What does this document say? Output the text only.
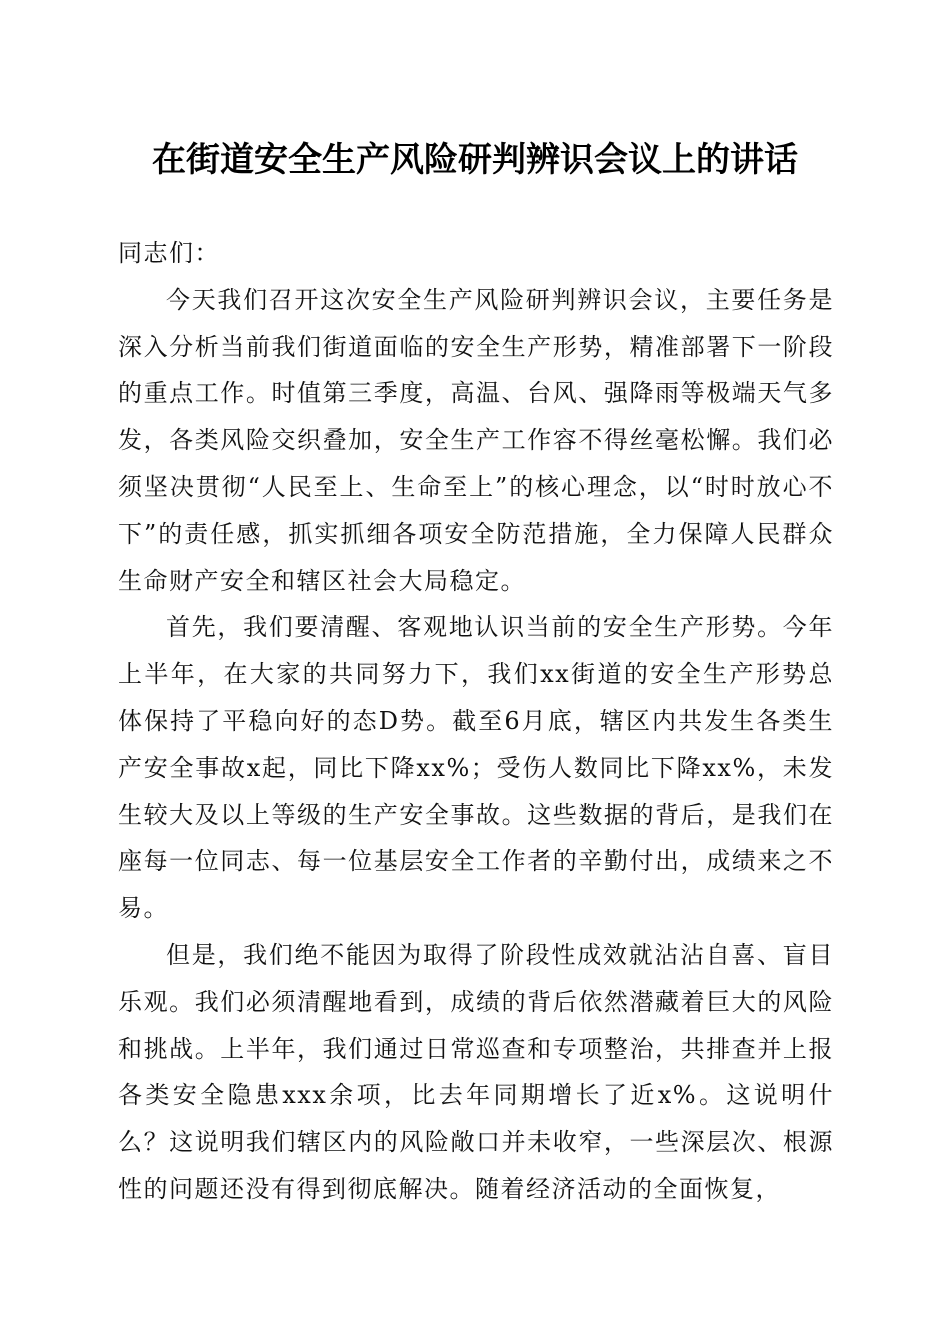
在街道安全生产风险研判辨识会议上的讲话

同志们：

今天我们召开这次安全生产风险研判辨识会议，主要任务是深入分析当前我们街道面临的安全生产形势，精准部署下一阶段的重点工作。时值第三季度，高温、台风、强降雨等极端天气多发，各类风险交织叠加，安全生产工作容不得丝毫松懈。我们必须坚决贯彻“人民至上、生命至上”的核心理念，以“时时放心不下”的责任感，抓实抓细各项安全防范措施，全力保障人民群众生命财产安全和辖区社会大局稳定。

首先，我们要清醒、客观地认识当前的安全生产形势。今年上半年，在大家的共同努力下，我们xx街道的安全生产形势总体保持了平稳向好的态D势。截至6月底，辖区内共发生各类生产安全事故x起，同比下降xx%；受伤人数同比下降xx%，未发生较大及以上等级的生产安全事故。这些数据的背后，是我们在座每一位同志、每一位基层安全工作者的辛勤付出，成绩来之不易。

但是，我们绝不能因为取得了阶段性成效就沾沾自喜、盲目乐观。我们必须清醒地看到，成绩的背后依然潜藏着巨大的风险和挑战。上半年，我们通过日常巡查和专项整治，共排查并上报各类安全隐患xxx余项，比去年同期增长了近x%。这说明什么？这说明我们辖区内的风险敞口并未收窄，一些深层次、根源性的问题还没有得到彻底解决。随着经济活动的全面恢复，
